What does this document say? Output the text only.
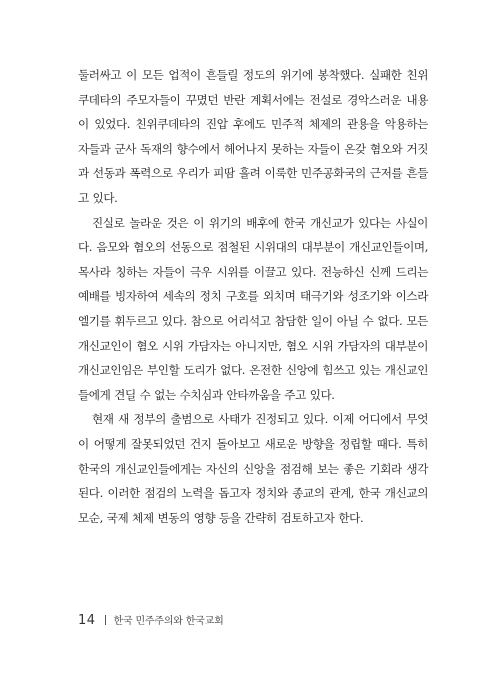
둘러싸고 이 모든 업적이 흔들릴 정도의 위기에 봉착했다. 실패한 친위쿠데타의 주모자들이 꾸몄던 반란 계획서에는 전설로 경악스러운 내용이 있었다. 친위쿠데타의 진압 후에도 민주적 체제의 관용을 악용하는 자들과 군사 독재의 향수에서 헤어나지 못하는 자들이 온갖 혐오와 거짓과 선동과 폭력으로 우리가 피땀 흘려 이룩한 민주공화국의 근저를 흔들고 있다.

진실로 놀라운 것은 이 위기의 배후에 한국 개신교가 있다는 사실이다. 음모와 혐오의 선동으로 점철된 시위대의 대부분이 개신교인들이며, 목사라 칭하는 자들이 극우 시위를 이끌고 있다. 전능하신 신께 드리는 예배를 빙자하여 세속의 정치 구호를 외치며 태극기와 성조기와 이스라엘기를 휘두르고 있다. 참으로 어리석고 참담한 일이 아닐 수 없다. 모든 개신교인이 혐오 시위 가담자는 아니지만, 혐오 시위 가담자의 대부분이 개신교인임은 부인할 도리가 없다. 온전한 신앙에 힘쓰고 있는 개신교인들에게 견딜 수 없는 수치심과 안타까움을 주고 있다.

현재 새 정부의 출범으로 사태가 진정되고 있다. 이제 어디에서 무엇이 어떻게 잘못되었던 건지 돌아보고 새로운 방향을 정립할 때다. 특히 한국의 개신교인들에게는 자신의 신앙을 점검해 보는 좋은 기회라 생각된다. 이러한 점검의 노력을 돕고자 정치와 종교의 관계, 한국 개신교의 모순, 국제 체제 변동의 영향 등을 간략히 검토하고자 한다.

14 한국 민주주의와 한국교회
